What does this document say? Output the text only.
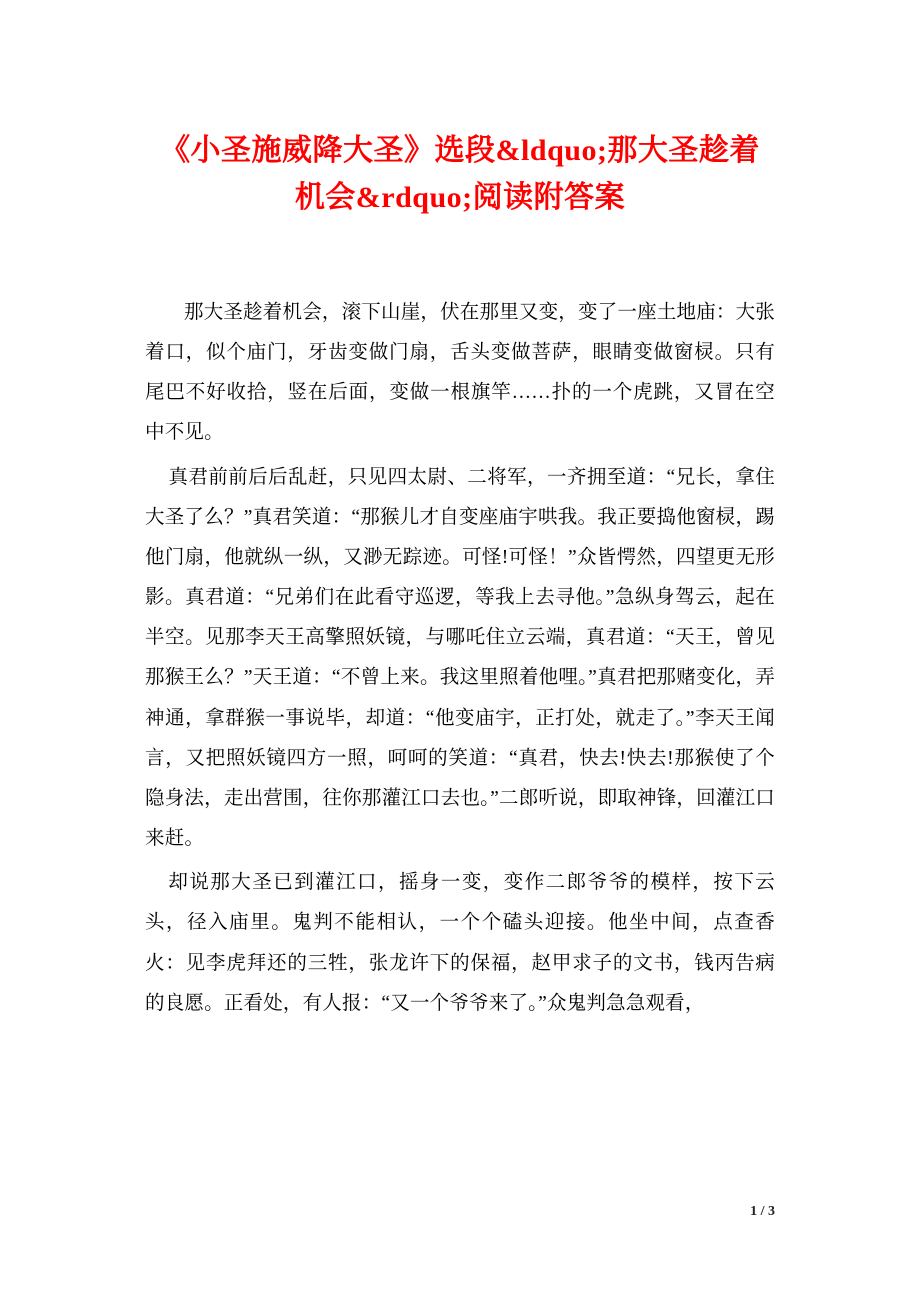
《小圣施威降大圣》选段&ldquo;那大圣趁着机会&rdquo;阅读附答案

那大圣趁着机会，滚下山崖，伏在那里又变，变了一座土地庙：大张着口，似个庙门，牙齿变做门扇，舌头变做菩萨，眼睛变做窗棂。只有尾巴不好收拾，竖在后面，变做一根旗竿……扑的一个虎跳，又冒在空中不见。

真君前前后后乱赶，只见四太尉、二将军，一齐拥至道：“兄长，拿住大圣了么？”真君笑道：“那猴儿才自变座庙宇哄我。我正要捣他窗棂，踢他门扇，他就纵一纵，又渺无踪迹。可怪!可怪！”众皆愕然，四望更无形影。真君道：“兄弟们在此看守巡逻，等我上去寻他。”急纵身驾云，起在半空。见那李天王高擎照妖镜，与哪吒住立云端，真君道：“天王，曾见那猴王么？”天王道：“不曾上来。我这里照着他哩。”真君把那赌变化，弄神通，拿群猴一事说毕，却道：“他变庙宇，正打处，就走了。”李天王闻言，又把照妖镜四方一照，呵呵的笑道：“真君，快去!快去!那猴使了个隐身法，走出营围，往你那灌江口去也。”二郎听说，即取神锋，回灌江口来赶。

却说那大圣已到灌江口，摇身一变，变作二郎爷爷的模样，按下云头，径入庙里。鬼判不能相认，一个个磕头迎接。他坐中间，点查香火：见李虎拜还的三牲，张龙许下的保福，赵甲求子的文书，钱丙告病的良愿。正看处，有人报：“又一个爷爷来了。”众鬼判急急观看，

1 / 3
